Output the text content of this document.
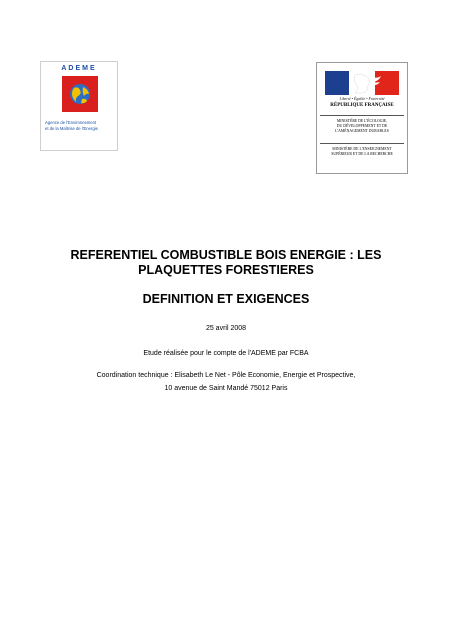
ADEME
Agence de l'Environnement
et de la Maîtrise de l'Energie
Liberté • Égalité • Fraternité
RÉPUBLIQUE FRANÇAISE
MINISTÈRE DE L'ÉCOLOGIE,
DU DÉVELOPPEMENT ET DE
L'AMÉNAGEMENT DURABLES
MINISTÈRE DE L'ENSEIGNEMENT
SUPÉRIEUR ET DE LA RECHERCHE
REFERENTIEL COMBUSTIBLE BOIS ENERGIE : LES
PLAQUETTES FORESTIERES
DEFINITION ET EXIGENCES
25 avril 2008
Etude réalisée pour le compte de l'ADEME par FCBA
Coordination technique : Elisabeth Le Net - Pôle Economie, Energie et Prospective,
10 avenue de Saint Mandé 75012 Paris
